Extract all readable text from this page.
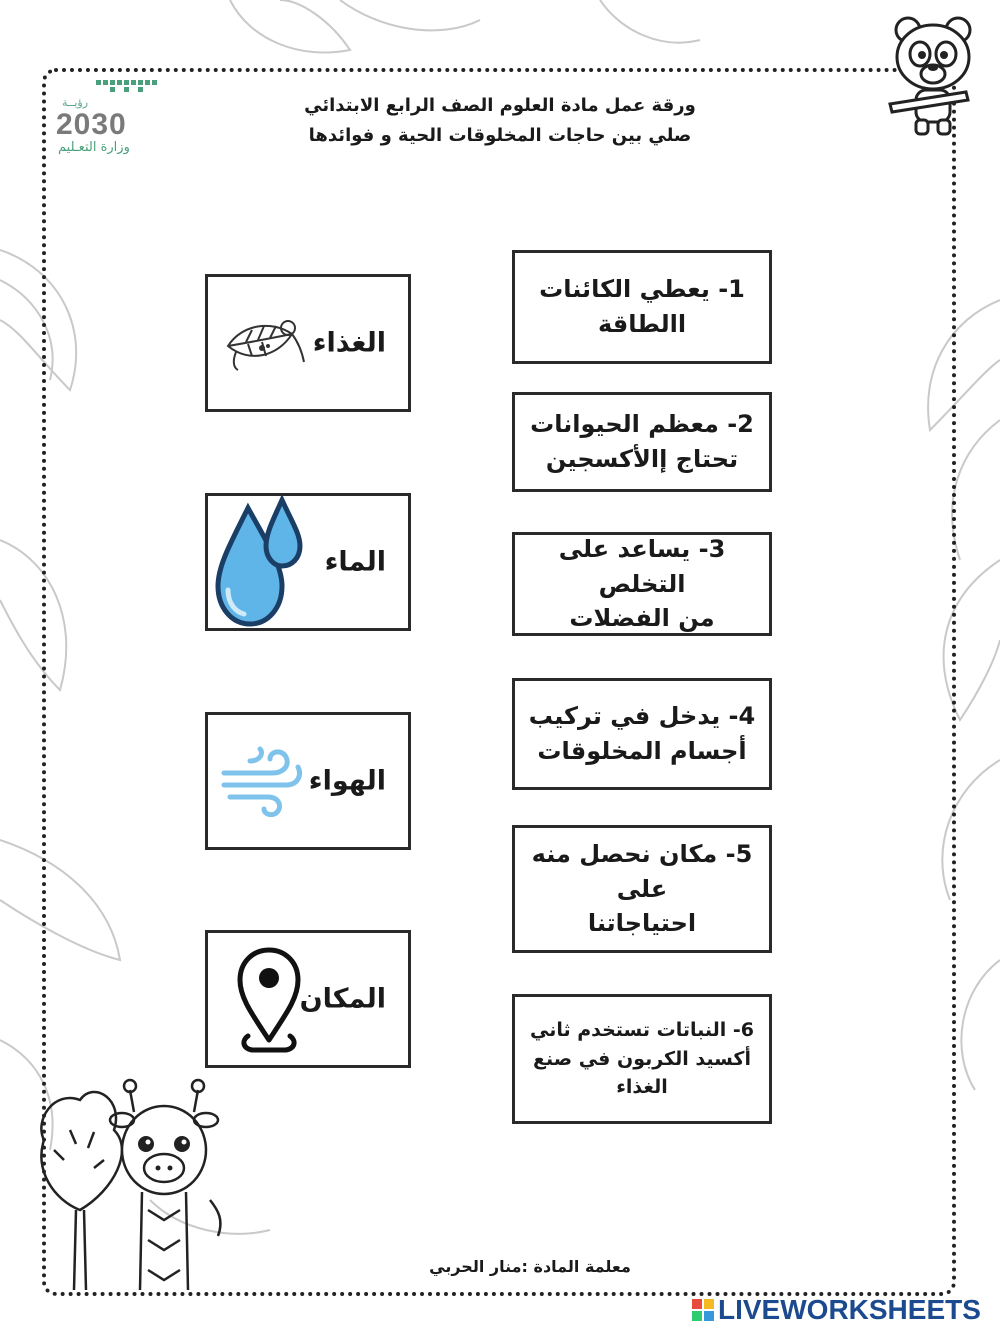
رؤيــة
2030
وزارة التعـليم
ورقة عمل مادة العلوم الصف الرابع الابتدائي
صلي بين حاجات المخلوقات الحية و فوائدها
الغذاء
الماء
الهواء
المكان
1- يعطي الكائنات
االطاقة
2- معظم الحيوانات
تحتاج إالأكسجين
3- يساعد على التخلص
من الفضلات
4- يدخل في تركيب
أجسام المخلوقات
5- مكان نحصل منه على
احتياجاتنا
6- النباتات تستخدم ثاني
أكسيد الكربون في صنع
الغذاء
معلمة المادة :منار الحربي
LIVEWORKSHEETS
